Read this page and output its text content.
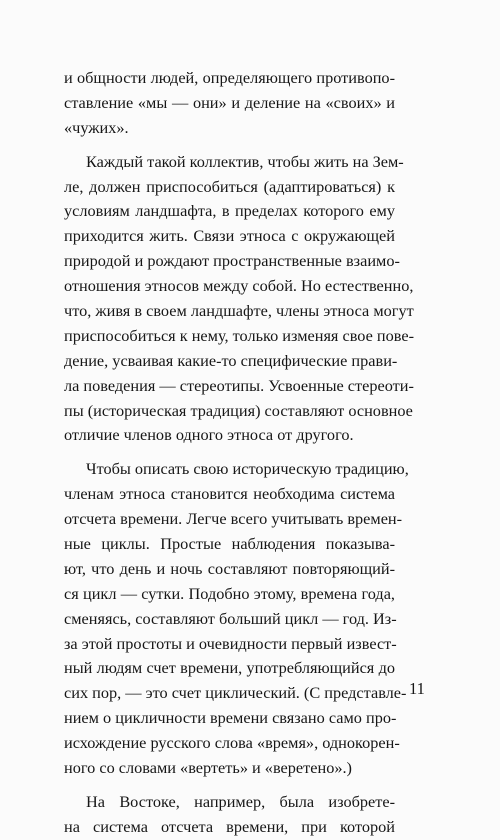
и общности людей, определяющего противопо-
ставление «мы — они» и деление на «своих» и
«чужих».
Каждый такой коллектив, чтобы жить на Зем-
ле, должен приспособиться (адаптироваться) к
условиям ландшафта, в пределах которого ему
приходится жить. Связи этноса с окружающей
природой и рождают пространственные взаимо-
отношения этносов между собой. Но естественно,
что, живя в своем ландшафте, члены этноса могут
приспособиться к нему, только изменяя свое пове-
дение, усваивая какие-то специфические прави-
ла поведения — стереотипы. Усвоенные стереоти-
пы (историческая традиция) составляют основное
отличие членов одного этноса от другого.
Чтобы описать свою историческую традицию,
членам этноса становится необходима система
отсчета времени. Легче всего учитывать времен-
ные циклы. Простые наблюдения показыва-
ют, что день и ночь составляют повторяющий-
ся цикл — сутки. Подобно этому, времена года,
сменяясь, составляют больший цикл — год. Из-
за этой простоты и очевидности первый извест-
ный людям счет времени, употребляющийся до
сих пор, — это счет циклический. (С представле-
нием о цикличности времени связано само про-
исхождение русского слова «время», однокорен-
ного со словами «вертеть» и «веретено».)
На Востоке, например, была изобрете-
на система отсчета времени, при которой
11
